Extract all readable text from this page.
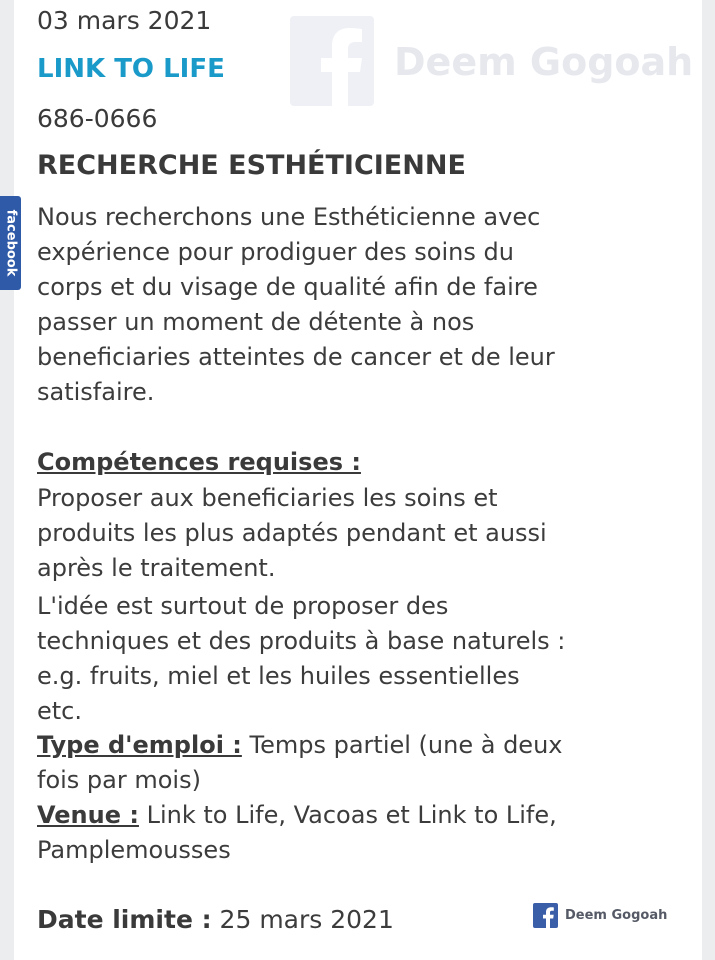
facebook
Deem Gogoah
03 mars 2021
LINK TO LIFE
686-0666
RECHERCHE ESTHÉTICIENNE
Nous recherchons une Esthéticienne avec
expérience pour prodiguer des soins du
corps et du visage de qualité afin de faire
passer un moment de détente à nos
beneficiaries atteintes de cancer et de leur
satisfaire.
Compétences requises :
Proposer aux beneficiaries les soins et
produits les plus adaptés pendant et aussi
après le traitement.
L'idée est surtout de proposer des
techniques et des produits à base naturels :
e.g. fruits, miel et les huiles essentielles
etc.
Type d'emploi : Temps partiel (une à deux
fois par mois)
Venue : Link to Life, Vacoas et Link to Life,
Pamplemousses
Date limite : 25 mars 2021	Deem Gogoah
